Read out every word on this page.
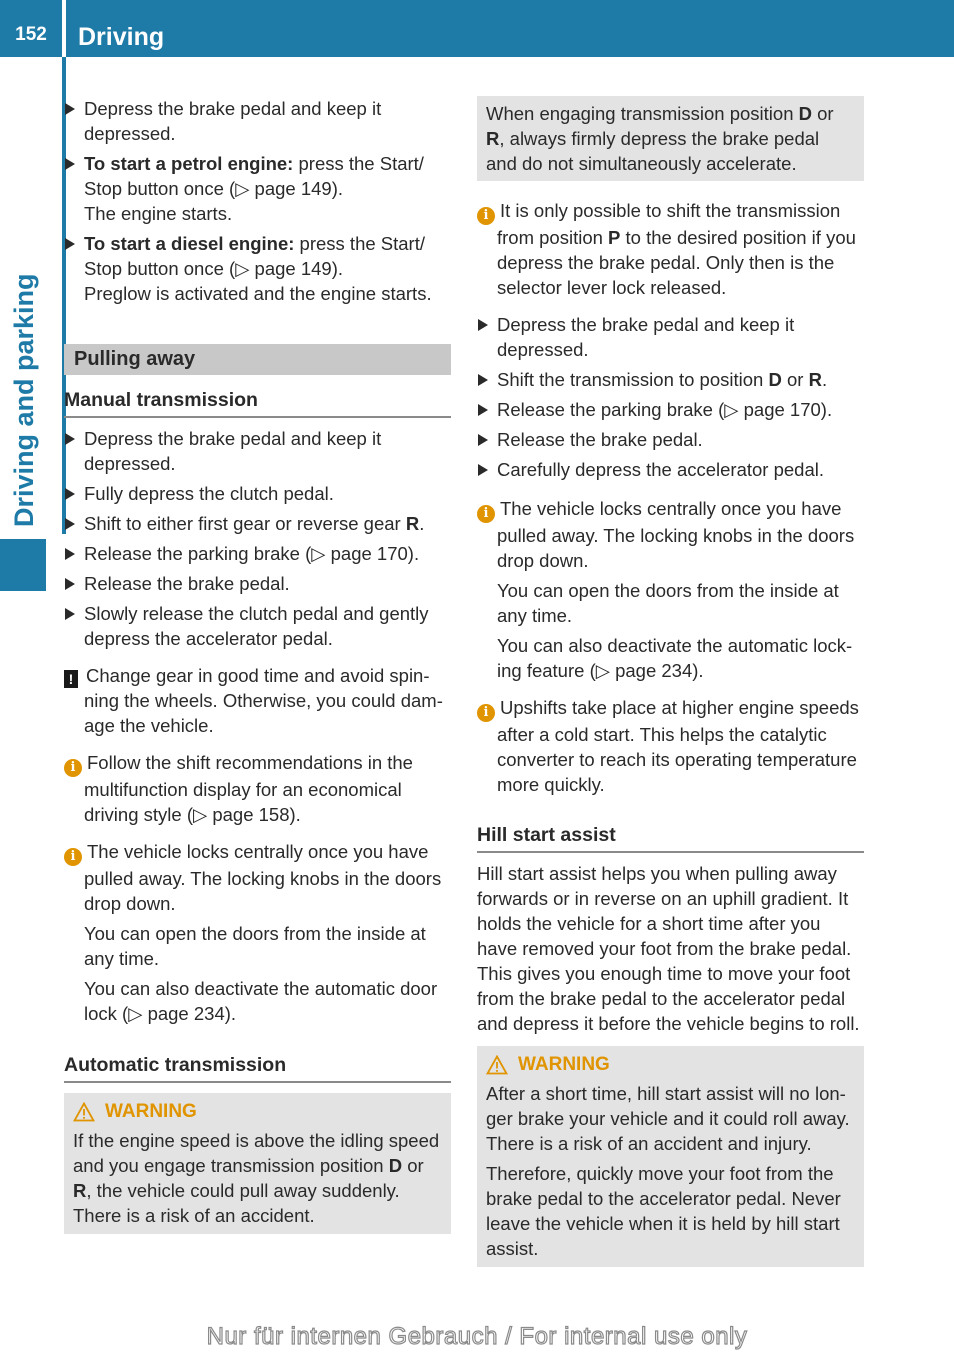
152	Driving
Driving and parking
Depress the brake pedal and keep it depressed.
To start a petrol engine: press the Start/ Stop button once (▷ page 149).
The engine starts.
To start a diesel engine: press the Start/ Stop button once (▷ page 149).
Preglow is activated and the engine starts.
Pulling away
Manual transmission
Depress the brake pedal and keep it depressed.
Fully depress the clutch pedal.
Shift to either first gear or reverse gear R.
Release the parking brake (▷ page 170).
Release the brake pedal.
Slowly release the clutch pedal and gently depress the accelerator pedal.
! Change gear in good time and avoid spin-ning the wheels. Otherwise, you could dam-age the vehicle.
i Follow the shift recommendations in the multifunction display for an economical driving style (▷ page 158).

i The vehicle locks centrally once you have pulled away. The locking knobs in the doors drop down.

You can open the doors from the inside at any time.

You can also deactivate the automatic door lock (▷ page 234).

Automatic transmission
WARNING

If the engine speed is above the idling speed and you engage transmission position D or R, the vehicle could pull away suddenly. There is a risk of an accident.

When engaging transmission position D or R, always firmly depress the brake pedal and do not simultaneously accelerate.

i It is only possible to shift the transmission from position P to the desired position if you depress the brake pedal. Only then is the selector lever lock released.
Depress the brake pedal and keep it depressed.
Shift the transmission to position D or R.
Release the parking brake (▷ page 170).
Release the brake pedal.
Carefully depress the accelerator pedal.

i The vehicle locks centrally once you have pulled away. The locking knobs in the doors drop down.

You can open the doors from the inside at any time.

You can also deactivate the automatic lock-ing feature (▷ page 234).

i Upshifts take place at higher engine speeds after a cold start. This helps the catalytic converter to reach its operating temperature more quickly.
Hill start assist

Hill start assist helps you when pulling away forwards or in reverse on an uphill gradient. It holds the vehicle for a short time after you have removed your foot from the brake pedal. This gives you enough time to move your foot from the brake pedal to the accelerator pedal and depress it before the vehicle begins to roll.

WARNING

After a short time, hill start assist will no lon-ger brake your vehicle and it could roll away. There is a risk of an accident and injury.

Therefore, quickly move your foot from the brake pedal to the accelerator pedal. Never leave the vehicle when it is held by hill start assist.

Nur für internen Gebrauch / For internal use only
